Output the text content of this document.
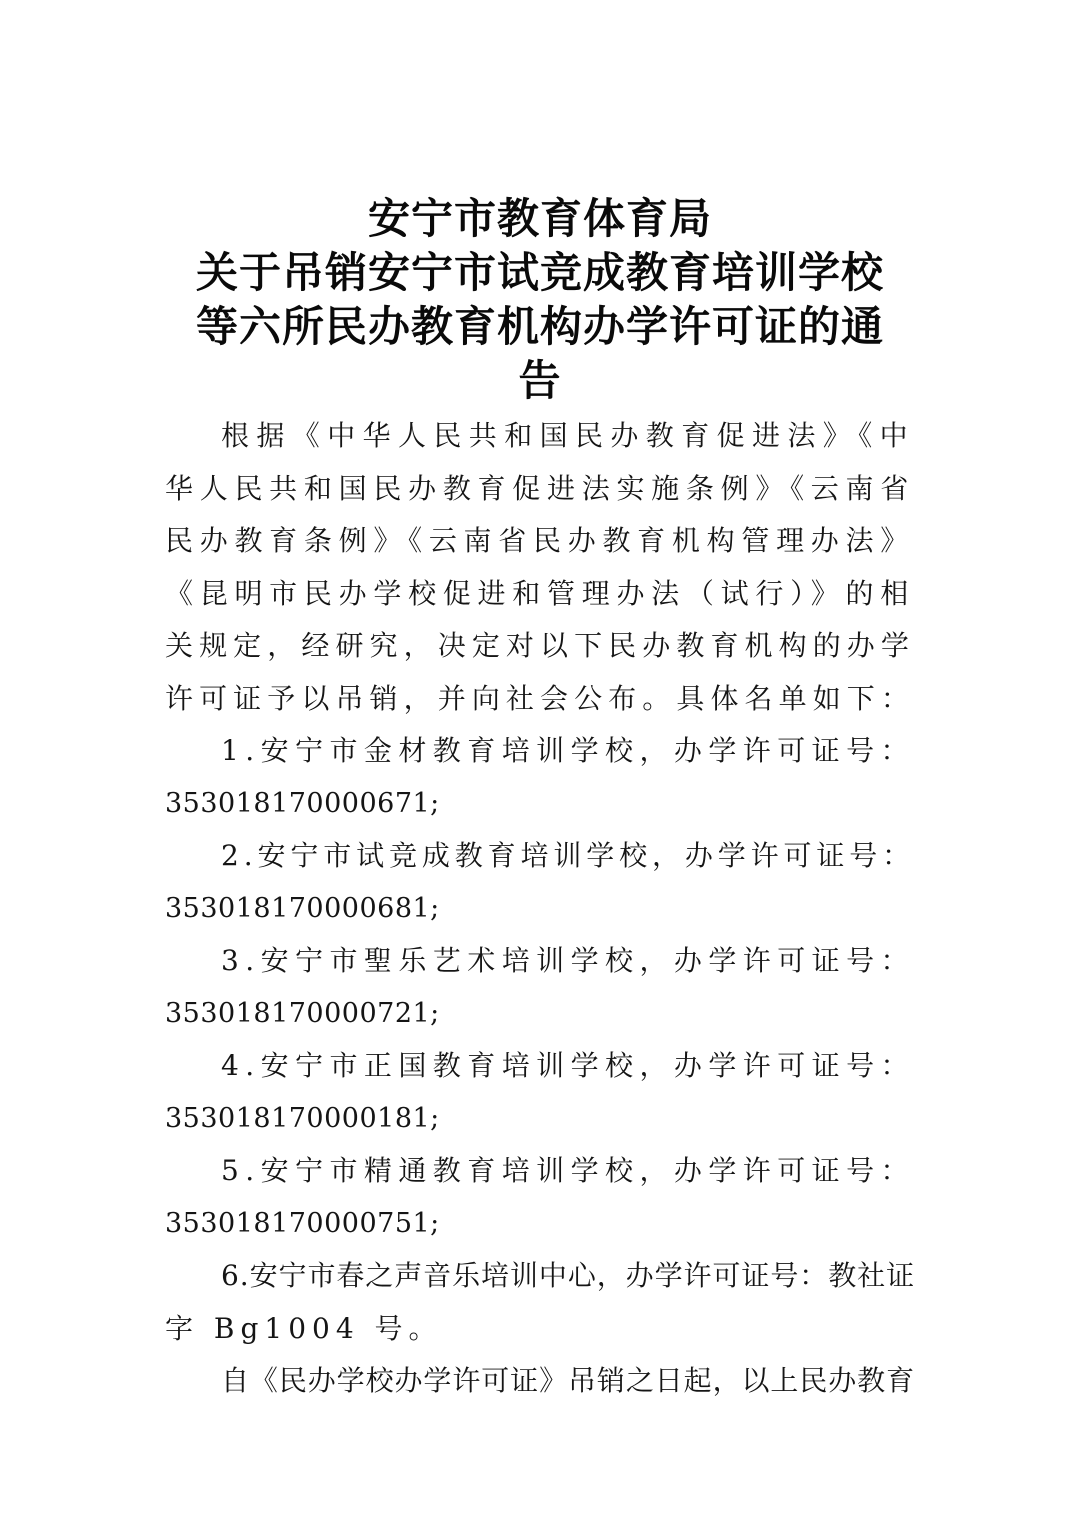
安宁市教育体育局
关于吊销安宁市试竞成教育培训学校
等六所民办教育机构办学许可证的通
告
根据《中华人民共和国民办教育促进法》《中
华人民共和国民办教育促进法实施条例》《云南省
民办教育条例》《云南省民办教育机构管理办法》
《昆明市民办学校促进和管理办法（试行）》的相
关规定，经研究，决定对以下民办教育机构的办学
许可证予以吊销，并向社会公布。具体名单如下：
1.安宁市金材教育培训学校，办学许可证号：
353018170000671;
2.安宁市试竞成教育培训学校，办学许可证号：
353018170000681;
3.安宁市聖乐艺术培训学校，办学许可证号：
353018170000721;
4.安宁市正国教育培训学校，办学许可证号：
353018170000181;
5.安宁市精通教育培训学校，办学许可证号：
353018170000751;
6.安宁市春之声音乐培训中心，办学许可证号：教社证
字 Bg1004 号。
自《民办学校办学许可证》吊销之日起，以上民办教育
